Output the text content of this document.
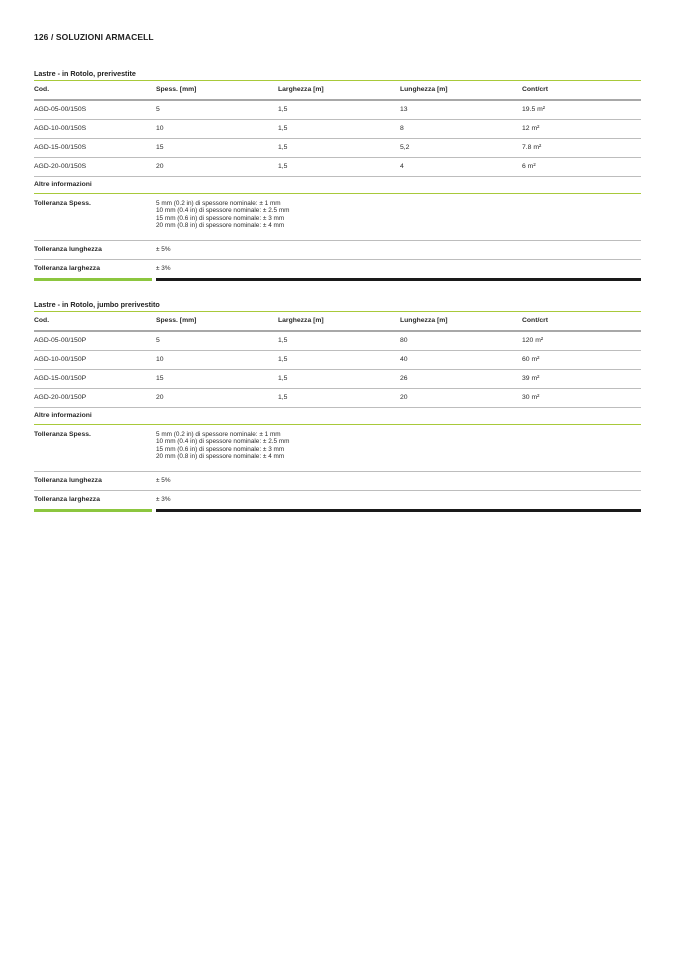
126 / SOLUZIONI ARMACELL
Lastre - in Rotolo, prerivestite
Cod.	Spess. [mm]	Larghezza [m]	Lunghezza [m]	Cont/crt
AGD-05-00/150S	5	1,5	13	19.5 m²
AGD-10-00/150S	10	1,5	8	12 m²
AGD-15-00/150S	15	1,5	5,2	7.8 m²
AGD-20-00/150S	20	1,5	4	6 m²
Altre informazioni
Tolleranza Spess.	5 mm (0.2 in) di spessore nominale: ± 1 mm
10 mm (0.4 in) di spessore nominale: ± 2.5 mm
15 mm (0.6 in) di spessore nominale: ± 3 mm
20 mm (0.8 in) di spessore nominale: ± 4 mm
Tolleranza lunghezza	± 5%
Tolleranza larghezza	± 3%
Lastre - in Rotolo, jumbo prerivestito
Cod.	Spess. [mm]	Larghezza [m]	Lunghezza [m]	Cont/crt
AGD-05-00/150P	5	1,5	80	120 m²
AGD-10-00/150P	10	1,5	40	60 m²
AGD-15-00/150P	15	1,5	26	39 m²
AGD-20-00/150P	20	1,5	20	30 m²
Altre informazioni
Tolleranza Spess.	5 mm (0.2 in) di spessore nominale: ± 1 mm
10 mm (0.4 in) di spessore nominale: ± 2.5 mm
15 mm (0.6 in) di spessore nominale: ± 3 mm
20 mm (0.8 in) di spessore nominale: ± 4 mm
Tolleranza lunghezza	± 5%
Tolleranza larghezza	± 3%
